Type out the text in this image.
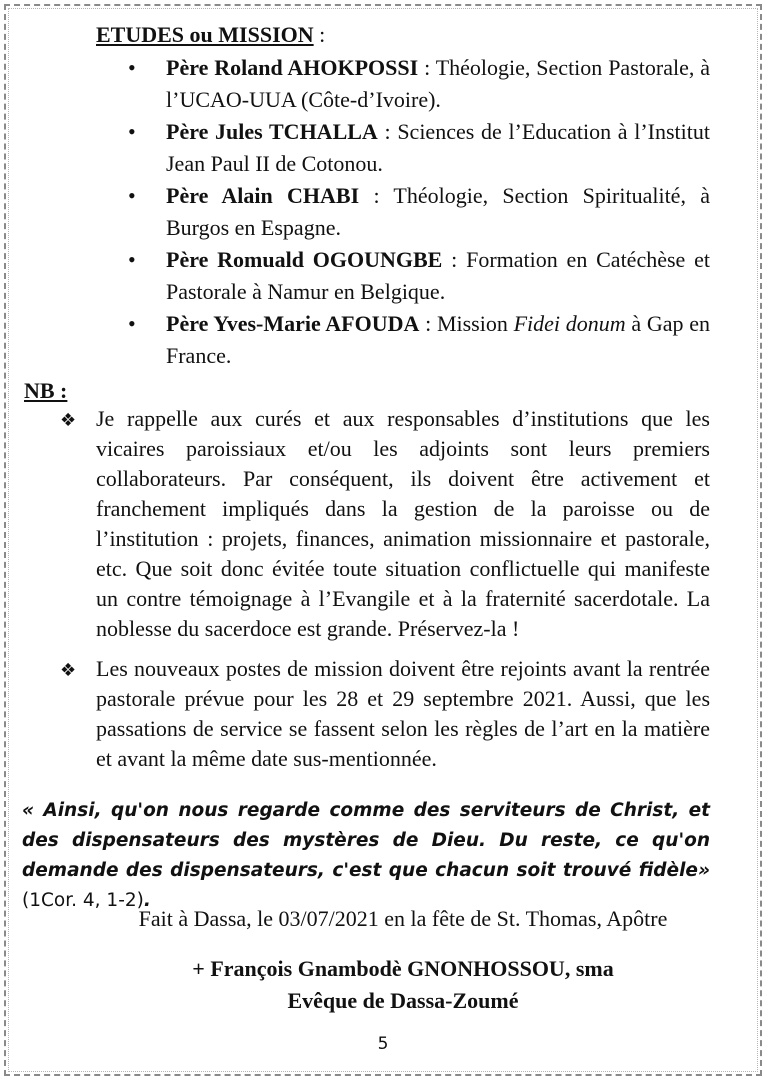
ETUDES ou MISSION :
• Père Roland AHOKPOSSI : Théologie, Section Pastorale, à l’UCAO-UUA (Côte-d’Ivoire).
• Père Jules TCHALLA : Sciences de l’Education à l’Institut Jean Paul II de Cotonou.
• Père Alain CHABI : Théologie, Section Spiritualité, à Burgos en Espagne.
• Père Romuald OGOUNGBE : Formation en Catéchèse et Pastorale à Namur en Belgique.
• Père Yves-Marie AFOUDA : Mission Fidei donum à Gap en France.
NB :
❖ Je rappelle aux curés et aux responsables d’institutions que les vicaires paroissiaux et/ou les adjoints sont leurs premiers collaborateurs. Par conséquent, ils doivent être activement et franchement impliqués dans la gestion de la paroisse ou de l’institution : projets, finances, animation missionnaire et pastorale, etc. Que soit donc évitée toute situation conflictuelle qui manifeste un contre témoignage à l’Evangile et à la fraternité sacerdotale. La noblesse du sacerdoce est grande. Préservez-la !
❖ Les nouveaux postes de mission doivent être rejoints avant la rentrée pastorale prévue pour les 28 et 29 septembre 2021. Aussi, que les passations de service se fassent selon les règles de l’art en la matière et avant la même date sus-mentionnée.
« Ainsi, qu'on nous regarde comme des serviteurs de Christ, et des dispensateurs des mystères de Dieu. Du reste, ce qu'on demande des dispensateurs, c'est que chacun soit trouvé fidèle» (1Cor. 4, 1-2).
Fait à Dassa, le 03/07/2021 en la fête de St. Thomas, Apôtre
+ François Gnambodè GNONHOSSOU, sma
Evêque de Dassa-Zoumé
5
